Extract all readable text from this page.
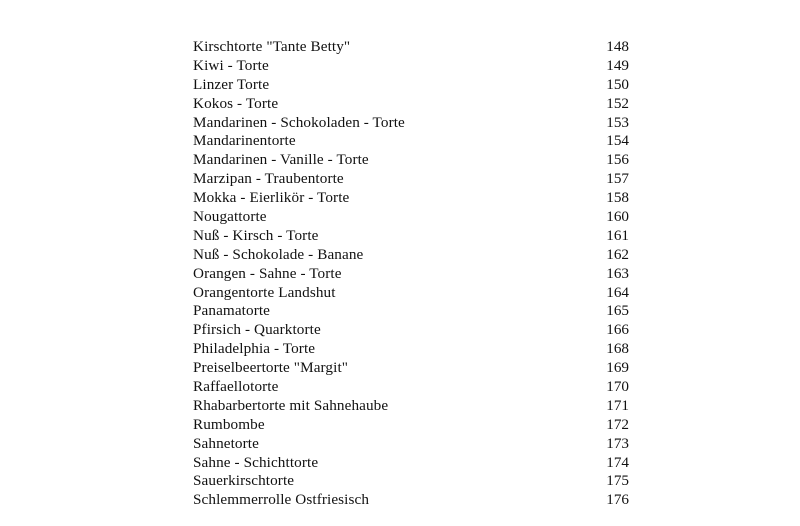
Kirschtorte "Tante Betty"	148
Kiwi - Torte	149
Linzer Torte	150
Kokos - Torte	152
Mandarinen - Schokoladen - Torte	153
Mandarinentorte	154
Mandarinen - Vanille - Torte	156
Marzipan - Traubentorte	157
Mokka - Eierlikör - Torte	158
Nougattorte	160
Nuß - Kirsch - Torte	161
Nuß - Schokolade - Banane	162
Orangen - Sahne - Torte	163
Orangentorte Landshut	164
Panamatorte	165
Pfirsich - Quarktorte	166
Philadelphia - Torte	168
Preiselbeertorte "Margit"	169
Raffaellotorte	170
Rhabarbertorte mit Sahnehaube	171
Rumbombe	172
Sahnetorte	173
Sahne - Schichttorte	174
Sauerkirschtorte	175
Schlemmerrolle Ostfriesisch	176
